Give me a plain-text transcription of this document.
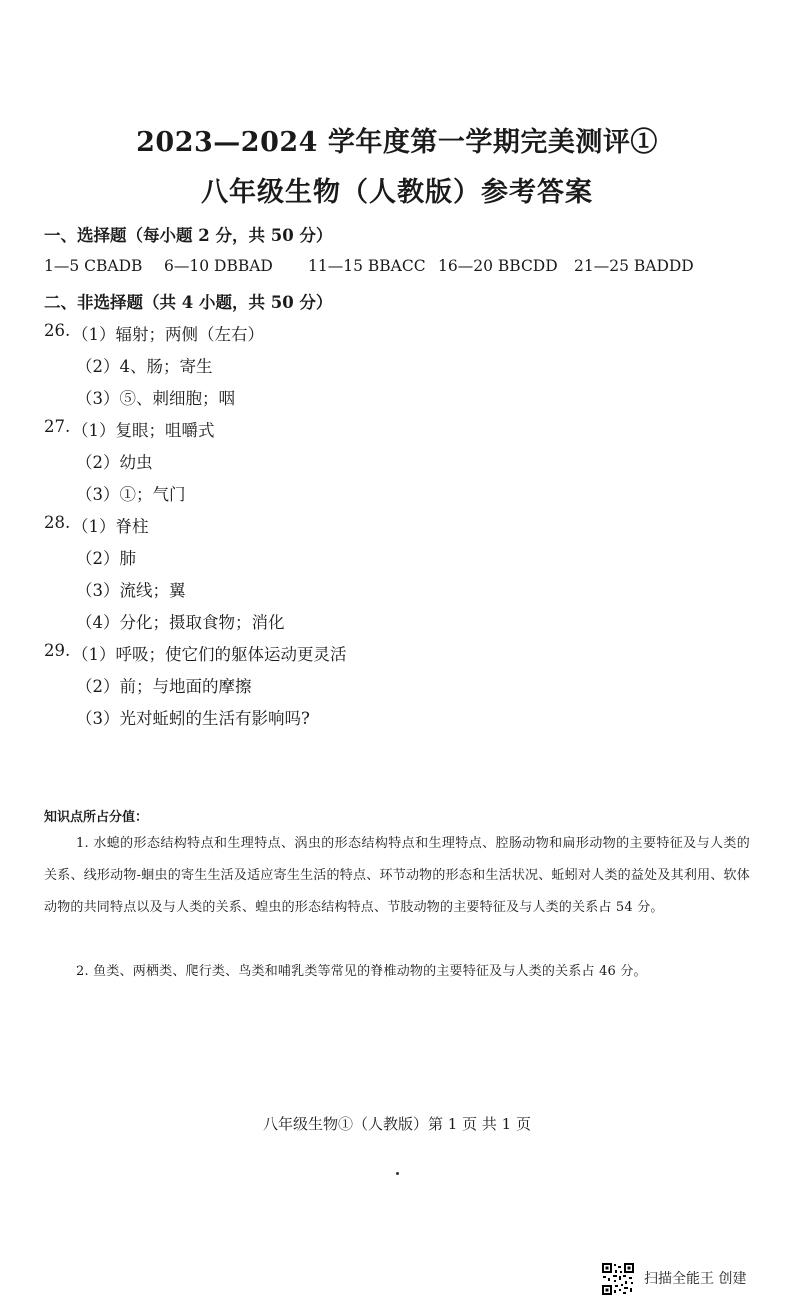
2023—2024 学年度第一学期完美测评①
八年级生物（人教版）参考答案
一、选择题（每小题 2 分，共 50 分）
1—5 CBADB 6—10 DBBAD 11—15 BBACC 16—20 BBCDD 21—25 BADDD
二、非选择题（共 4 小题，共 50 分）
26. （1）辐射；两侧（左右）
（2）4、肠；寄生
（3）⑤、刺细胞；咽
27. （1）复眼；咀嚼式
（2）幼虫
（3）①；气门
28. （1）脊柱
（2）肺
（3）流线；翼
（4）分化；摄取食物；消化
29. （1）呼吸；使它们的躯体运动更灵活
（2）前；与地面的摩擦
（3）光对蚯蚓的生活有影响吗?
知识点所占分值：
1. 水螅的形态结构特点和生理特点、涡虫的形态结构特点和生理特点、腔肠动物和扁形动物的主要特征及与人类的关系、线形动物-蛔虫的寄生生活及适应寄生生活的特点、环节动物的形态和生活状况、蚯蚓对人类的益处及其利用、软体动物的共同特点以及与人类的关系、蝗虫的形态结构特点、节肢动物的主要特征及与人类的关系占 54 分。
2. 鱼类、两栖类、爬行类、鸟类和哺乳类等常见的脊椎动物的主要特征及与人类的关系占 46 分。
八年级生物①（人教版）第 1 页 共 1 页
扫描全能王 创建
